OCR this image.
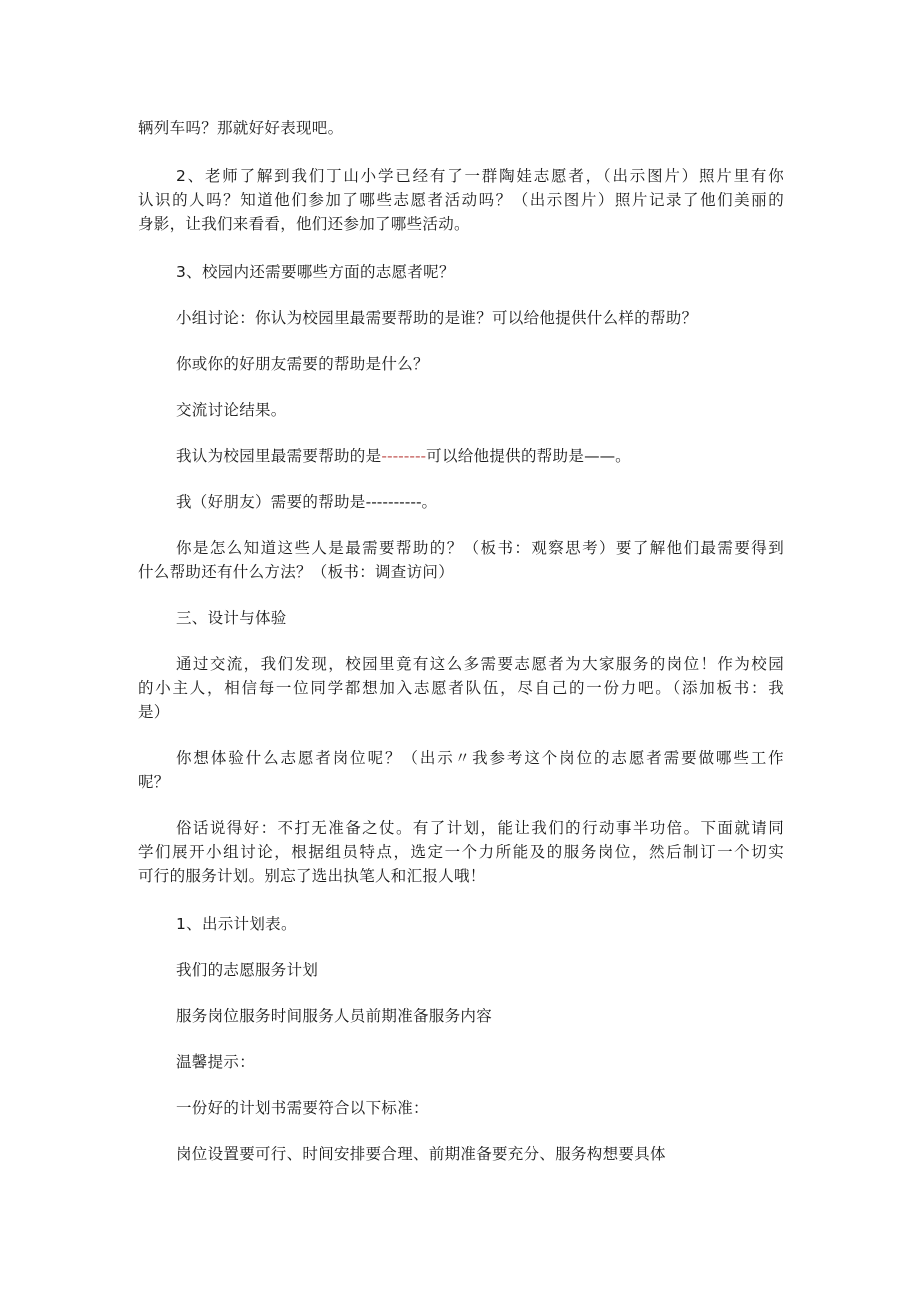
辆列车吗？那就好好表现吧。
2、老师了解到我们丁山小学已经有了一群陶娃志愿者，（出示图片）照片里有你
认识的人吗？知道他们参加了哪些志愿者活动吗？（出示图片）照片记录了他们美丽的
身影，让我们来看看，他们还参加了哪些活动。
3、校园内还需要哪些方面的志愿者呢？
小组讨论：你认为校园里最需要帮助的是谁？可以给他提供什么样的帮助？
你或你的好朋友需要的帮助是什么？
交流讨论结果。
我认为校园里最需要帮助的是--------可以给他提供的帮助是——。
我（好朋友）需要的帮助是----------。
你是怎么知道这些人是最需要帮助的？（板书：观察思考）要了解他们最需要得到
什么帮助还有什么方法？（板书：调查访问）
三、设计与体验
通过交流，我们发现，校园里竟有这么多需要志愿者为大家服务的岗位！作为校园
的小主人，相信每一位同学都想加入志愿者队伍，尽自己的一份力吧。（添加板书：我
是）
你想体验什么志愿者岗位呢？（出示〃我参考这个岗位的志愿者需要做哪些工作
呢？
俗话说得好：不打无准备之仗。有了计划，能让我们的行动事半功倍。下面就请同
学们展开小组讨论，根据组员特点，选定一个力所能及的服务岗位，然后制订一个切实
可行的服务计划。别忘了选出执笔人和汇报人哦！
1、出示计划表。
我们的志愿服务计划
服务岗位服务时间服务人员前期准备服务内容
温馨提示：
一份好的计划书需要符合以下标准：
岗位设置要可行、时间安排要合理、前期准备要充分、服务构想要具体
